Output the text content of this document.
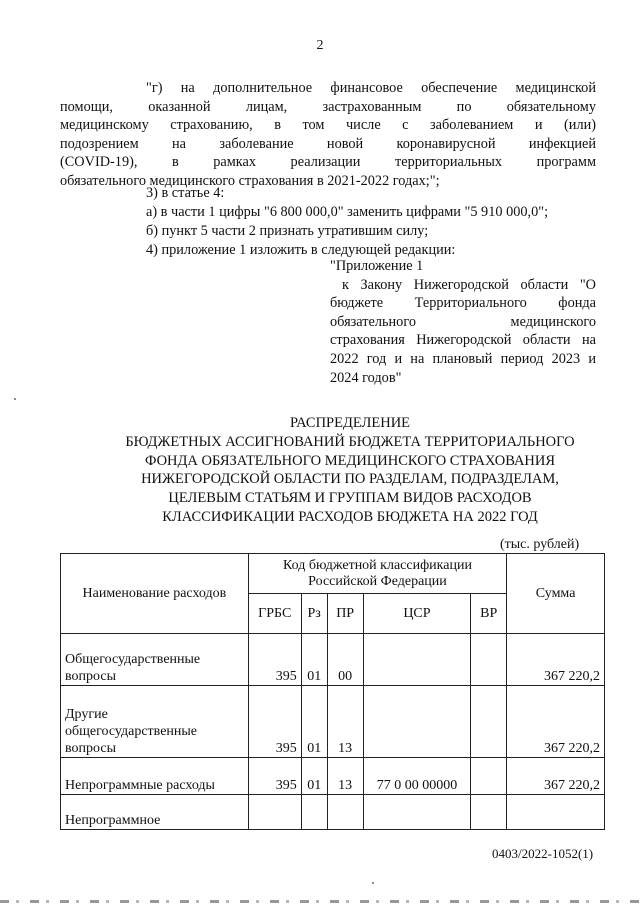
2
"г) на дополнительное финансовое обеспечение медицинской
помощи, оказанной лицам, застрахованным по обязательному
медицинскому страхованию, в том числе с заболеванием и (или)
подозрением на заболевание новой коронавирусной инфекцией
(COVID-19), в рамках реализации территориальных программ
обязательного медицинского страхования в 2021-2022 годах;";
3) в статье 4:
а) в части 1 цифры "6 800 000,0" заменить цифрами "5 910 000,0";
б) пункт 5 части 2 признать утратившим силу;
4) приложение 1 изложить в следующей редакции:
"Приложение 1
к Закону Нижегородской области "О
бюджете Территориального фонда
обязательного медицинского
страхования Нижегородской области на
2022 год и на плановый период 2023 и
2024 годов"
РАСПРЕДЕЛЕНИЕ
БЮДЖЕТНЫХ АССИГНОВАНИЙ БЮДЖЕТА ТЕРРИТОРИАЛЬНОГО
ФОНДА ОБЯЗАТЕЛЬНОГО МЕДИЦИНСКОГО СТРАХОВАНИЯ
НИЖЕГОРОДСКОЙ ОБЛАСТИ ПО РАЗДЕЛАМ, ПОДРАЗДЕЛАМ,
ЦЕЛЕВЫМ СТАТЬЯМ И ГРУППАМ ВИДОВ РАСХОДОВ
КЛАССИФИКАЦИИ РАСХОДОВ БЮДЖЕТА НА 2022 ГОД
(тыс. рублей)
Наименование расходов	Код бюджетной классификации
Российской Федерации					Сумма
	ГРБС	Рз	ПР	ЦСР	ВР	

Общегосударственные
вопросы	395	01	00			367 220,2

Другие
общегосударственные
вопросы	395	01	13			367 220,2

Непрограммные расходы	395	01	13	77 0 00 00000		367 220,2

Непрограммное						

0403/2022-1052(1)
